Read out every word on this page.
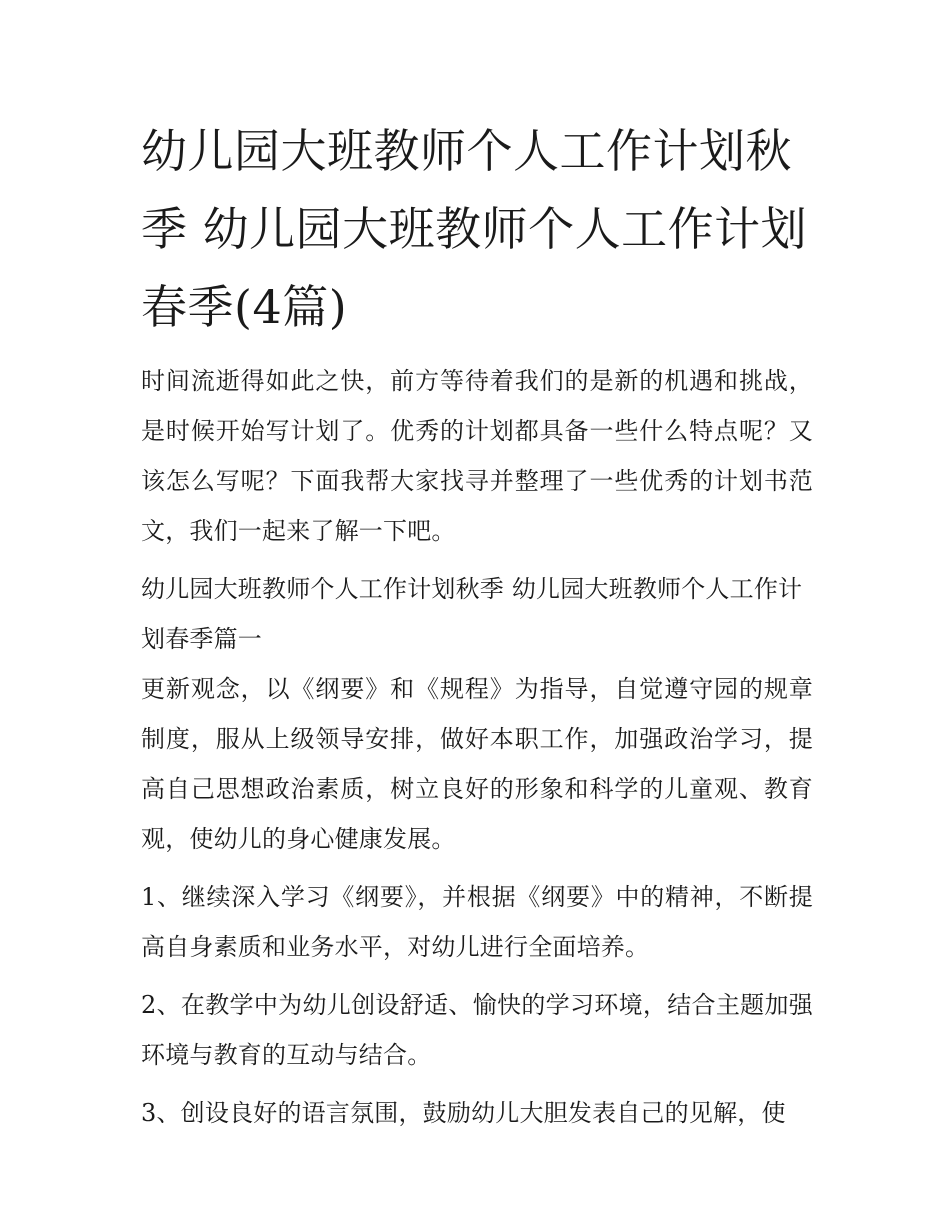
幼儿园大班教师个人工作计划秋季 幼儿园大班教师个人工作计划春季(4篇)

时间流逝得如此之快，前方等待着我们的是新的机遇和挑战，是时候开始写计划了。优秀的计划都具备一些什么特点呢？又该怎么写呢？下面我帮大家找寻并整理了一些优秀的计划书范文，我们一起来了解一下吧。

幼儿园大班教师个人工作计划秋季 幼儿园大班教师个人工作计划春季篇一

更新观念，以《纲要》和《规程》为指导，自觉遵守园的规章制度，服从上级领导安排，做好本职工作，加强政治学习，提高自己思想政治素质，树立良好的形象和科学的儿童观、教育观，使幼儿的身心健康发展。

1、继续深入学习《纲要》，并根据《纲要》中的精神，不断提高自身素质和业务水平，对幼儿进行全面培养。

2、在教学中为幼儿创设舒适、愉快的学习环境，结合主题加强环境与教育的互动与结合。

3、创设良好的语言氛围，鼓励幼儿大胆发表自己的见解，使
